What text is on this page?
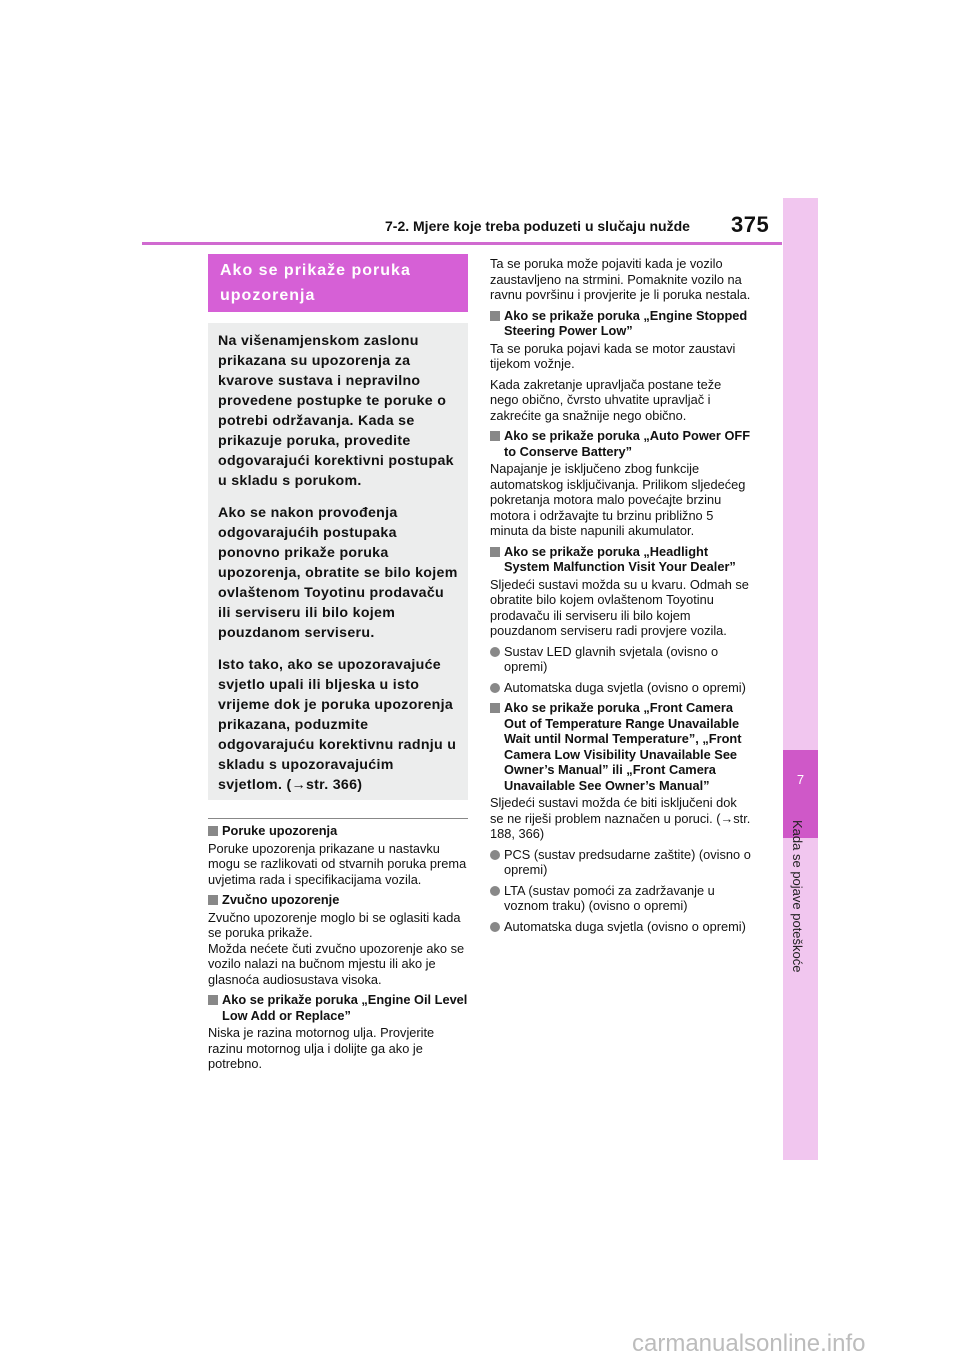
7-2. Mjere koje treba poduzeti u slučaju nužde 375
7
Kada se pojave poteškoće
Ako se prikaže poruka
upozorenja

Na višenamjenskom zaslonu prikazana su upozorenja za kvarove sustava i nepravilno provedene postupke te poruke o potrebi održavanja. Kada se prikazuje poruka, provedite odgovarajući korektivni postupak u skladu s porukom.

Ako se nakon provođenja odgovarajućih postupaka ponovno prikaže poruka upozorenja, obratite se bilo kojem ovlaštenom Toyotinu prodavaču ili serviseru ili bilo kojem pouzdanom serviseru.

Isto tako, ako se upozoravajuće svjetlo upali ili bljeska u isto vrijeme dok je poruka upozorenja prikazana, poduzmite odgovarajuću korektivnu radnju u skladu s upozoravajućim svjetlom. (→str. 366)

Poruke upozorenja

Poruke upozorenja prikazane u nastavku mogu se razlikovati od stvarnih poruka prema uvjetima rada i specifikacijama vozila.

Zvučno upozorenje

Zvučno upozorenje moglo bi se oglasiti kada se poruka prikaže.

Možda nećete čuti zvučno upozorenje ako se vozilo nalazi na bučnom mjestu ili ako je glasnoća audiosustava visoka.

Ako se prikaže poruka „Engine Oil Level Low Add or Replace”

Niska je razina motornog ulja. Provjerite razinu motornog ulja i dolijte ga ako je potrebno.

Ta se poruka može pojaviti kada je vozilo zaustavljeno na strmini. Pomaknite vozilo na ravnu površinu i provjerite je li poruka nestala.

Ako se prikaže poruka „Engine Stopped Steering Power Low”

Ta se poruka pojavi kada se motor zaustavi tijekom vožnje.

Kada zakretanje upravljača postane teže nego obično, čvrsto uhvatite upravljač i zakrećite ga snažnije nego obično.

Ako se prikaže poruka „Auto Power OFF to Conserve Battery”

Napajanje je isključeno zbog funkcije automatskog isključivanja. Prilikom sljedećeg pokretanja motora malo povećajte brzinu motora i održavajte tu brzinu približno 5 minuta da biste napunili akumulator.

Ako se prikaže poruka „Headlight System Malfunction Visit Your Dealer”

Sljedeći sustavi možda su u kvaru. Odmah se obratite bilo kojem ovlaštenom Toyotinu prodavaču ili serviseru ili bilo kojem pouzdanom serviseru radi provjere vozila.

Sustav LED glavnih svjetala (ovisno o opremi)

Automatska duga svjetla (ovisno o opremi)

Ako se prikaže poruka „Front Camera Out of Temperature Range Unavailable Wait until Normal Temperature”, „Front Camera Low Visibility Unavailable See Owner’s Manual” ili „Front Camera Unavailable See Owner’s Manual”

Sljedeći sustavi možda će biti isključeni dok se ne riješi problem naznačen u poruci. (→str. 188, 366)

PCS (sustav predsudarne zaštite) (ovisno o opremi)

LTA (sustav pomoći za zadržavanje u voznom traku) (ovisno o opremi)

Automatska duga svjetla (ovisno o opremi)

carmanualsonline.info
